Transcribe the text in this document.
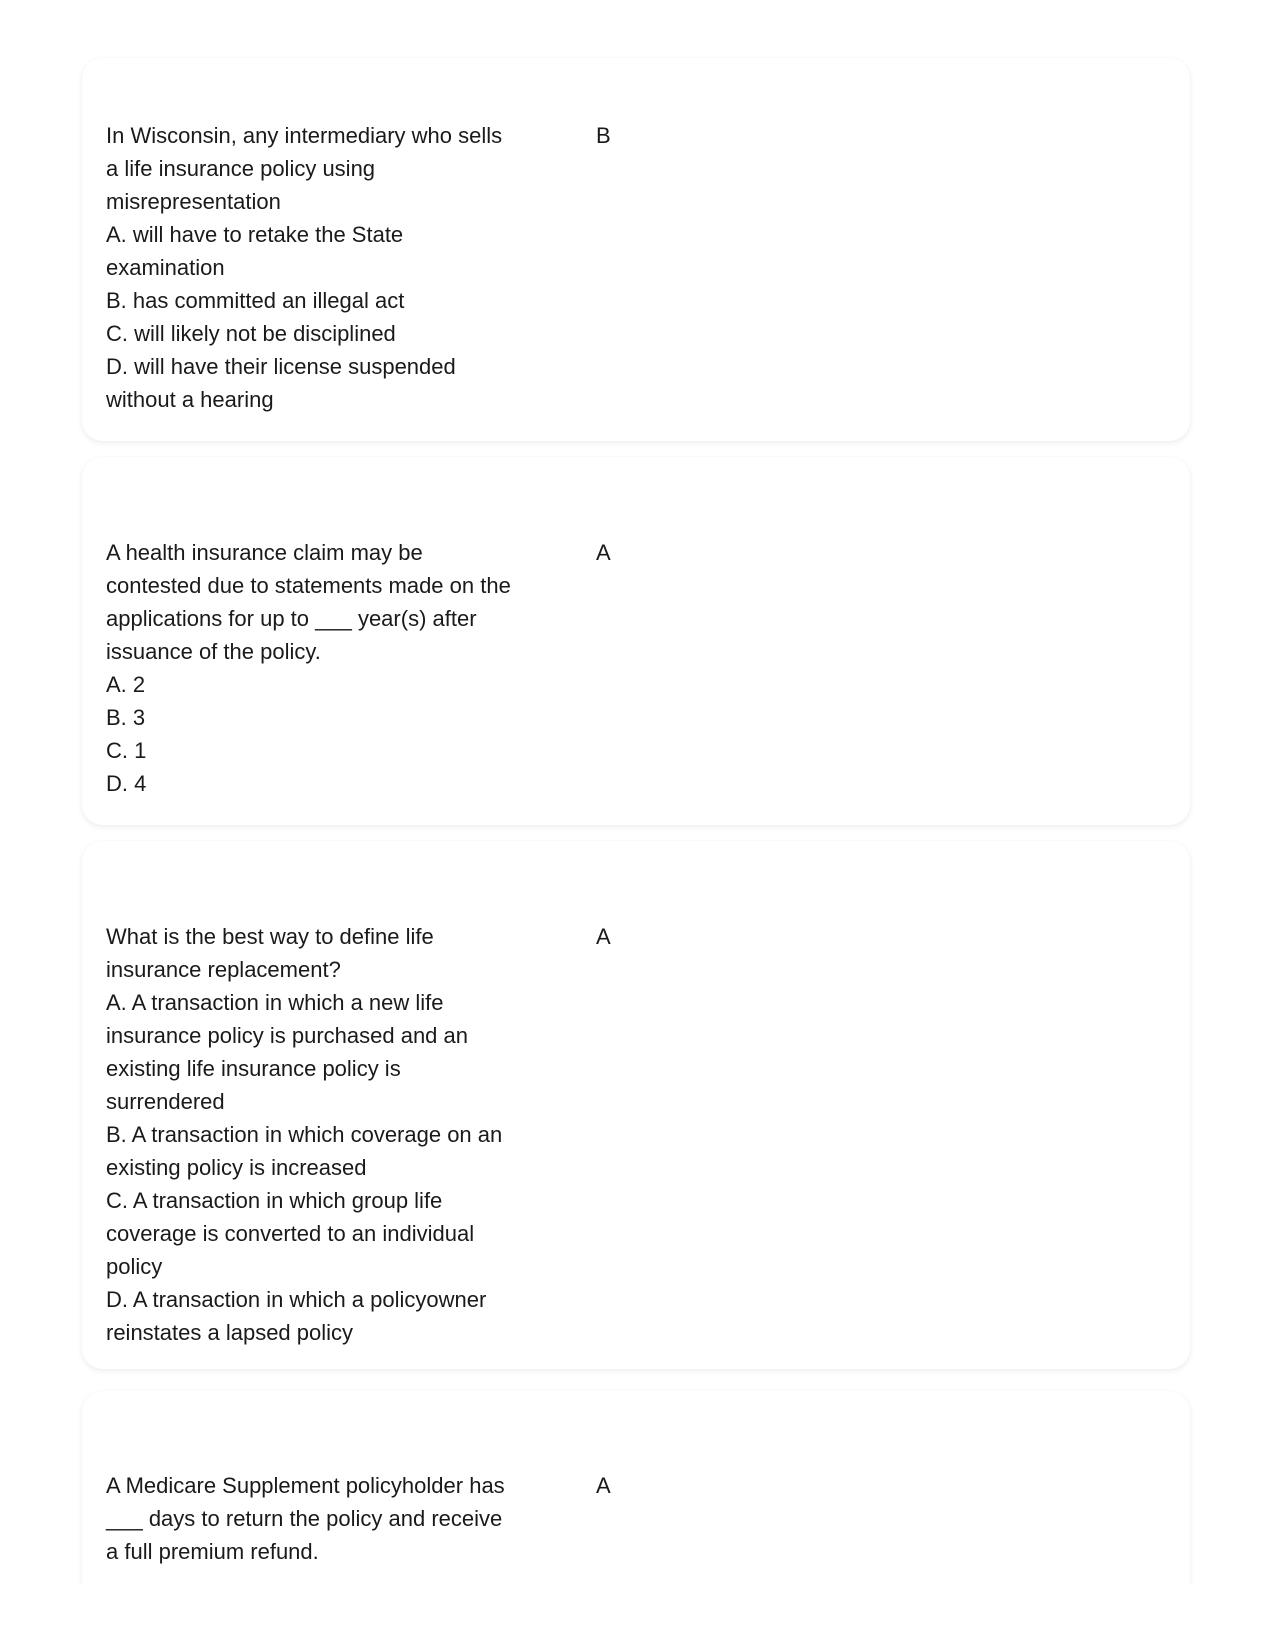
In Wisconsin, any intermediary who sells
a life insurance policy using
misrepresentation
A. will have to retake the State
examination
B. has committed an illegal act
C. will likely not be disciplined
D. will have their license suspended
without a hearing
B
A health insurance claim may be
contested due to statements made on the
applications for up to ___ year(s) after
issuance of the policy.
A. 2
B. 3
C. 1
D. 4
A
What is the best way to define life
insurance replacement?
A. A transaction in which a new life
insurance policy is purchased and an
existing life insurance policy is
surrendered
B. A transaction in which coverage on an
existing policy is increased
C. A transaction in which group life
coverage is converted to an individual
policy
D. A transaction in which a policyowner
reinstates a lapsed policy
A
A Medicare Supplement policyholder has
___ days to return the policy and receive
a full premium refund.
A
